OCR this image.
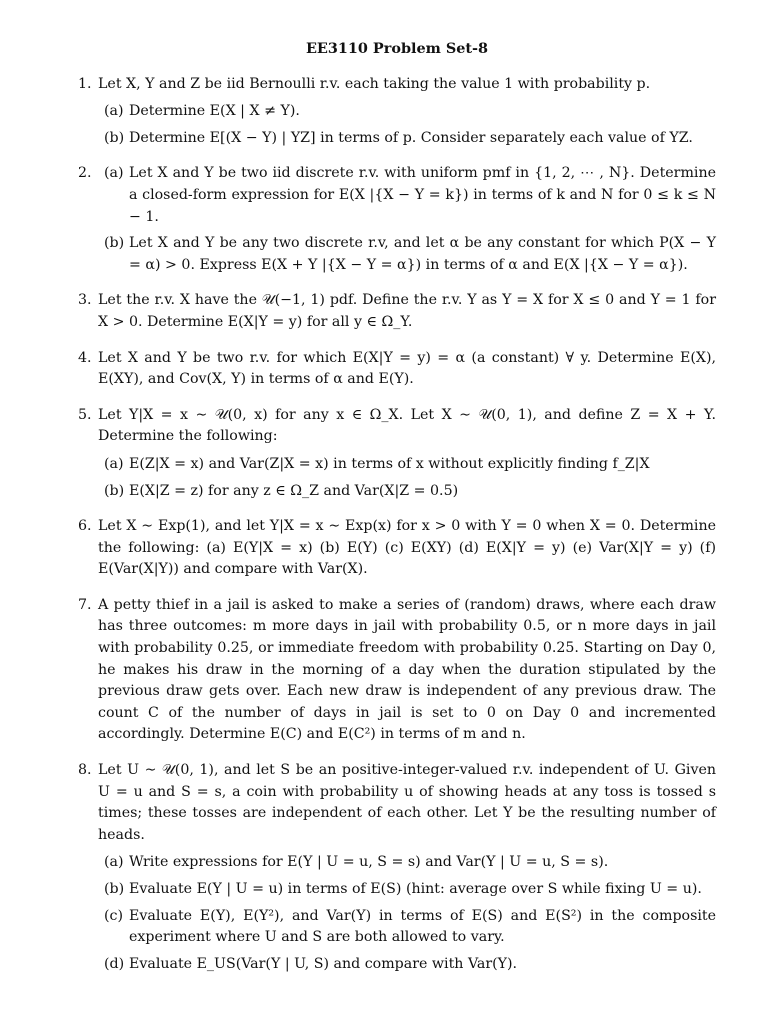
EE3110 Problem Set-8
1. Let X, Y and Z be iid Bernoulli r.v. each taking the value 1 with probability p.
(a) Determine E(X | X ≠ Y).
(b) Determine E[(X − Y) | YZ] in terms of p. Consider separately each value of YZ.
2. (a) Let X and Y be two iid discrete r.v. with uniform pmf in {1, 2, ⋯ , N}. Determine a closed-form expression for E(X |{X − Y = k}) in terms of k and N for 0 ≤ k ≤ N − 1.
(b) Let X and Y be any two discrete r.v, and let α be any constant for which P(X − Y = α) > 0. Express E(X + Y |{X − Y = α}) in terms of α and E(X |{X − Y = α}).
3. Let the r.v. X have the 𝒰(−1, 1) pdf. Define the r.v. Y as Y = X for X ≤ 0 and Y = 1 for X > 0. Determine E(X|Y = y) for all y ∈ Ω_Y.
4. Let X and Y be two r.v. for which E(X|Y = y) = α (a constant) ∀ y. Determine E(X), E(XY), and Cov(X, Y) in terms of α and E(Y).
5. Let Y|X = x ∼ 𝒰(0, x) for any x ∈ Ω_X. Let X ∼ 𝒰(0, 1), and define Z = X + Y. Determine the following:
(a) E(Z|X = x) and Var(Z|X = x) in terms of x without explicitly finding f_Z|X
(b) E(X|Z = z) for any z ∈ Ω_Z and Var(X|Z = 0.5)
6. Let X ∼ Exp(1), and let Y|X = x ∼ Exp(x) for x > 0 with Y = 0 when X = 0. Determine the following: (a) E(Y|X = x) (b) E(Y) (c) E(XY) (d) E(X|Y = y) (e) Var(X|Y = y) (f) E(Var(X|Y)) and compare with Var(X).
7. A petty thief in a jail is asked to make a series of (random) draws, where each draw has three outcomes: m more days in jail with probability 0.5, or n more days in jail with probability 0.25, or immediate freedom with probability 0.25. Starting on Day 0, he makes his draw in the morning of a day when the duration stipulated by the previous draw gets over. Each new draw is independent of any previous draw. The count C of the number of days in jail is set to 0 on Day 0 and incremented accordingly. Determine E(C) and E(C²) in terms of m and n.
8. Let U ∼ 𝒰(0, 1), and let S be an positive-integer-valued r.v. independent of U. Given U = u and S = s, a coin with probability u of showing heads at any toss is tossed s times; these tosses are independent of each other. Let Y be the resulting number of heads.
(a) Write expressions for E(Y | U = u, S = s) and Var(Y | U = u, S = s).
(b) Evaluate E(Y | U = u) in terms of E(S) (hint: average over S while fixing U = u).
(c) Evaluate E(Y), E(Y²), and Var(Y) in terms of E(S) and E(S²) in the composite experiment where U and S are both allowed to vary.
(d) Evaluate E_US(Var(Y | U, S) and compare with Var(Y).
